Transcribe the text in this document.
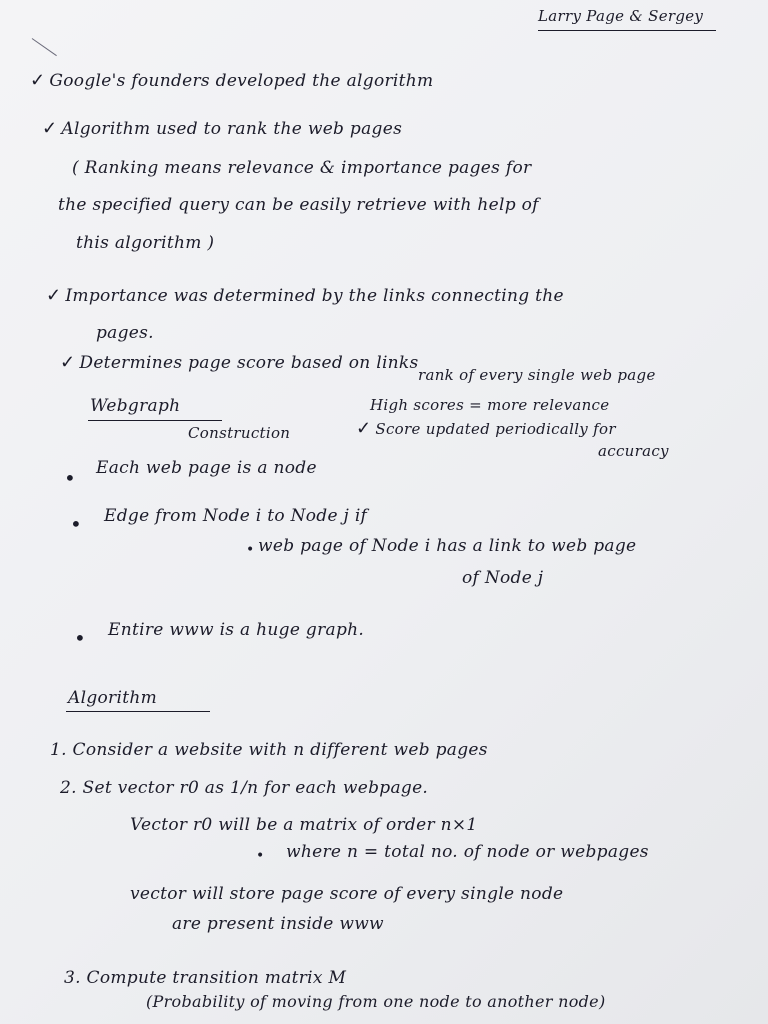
Larry Page & Sergey
✓ Google's founders developed the algorithm
✓ Algorithm used to rank the web pages
( Ranking means relevance & importance pages for
the specified query can be easily retrieve with help of
this algorithm )
✓ Importance was determined by the links connecting the
pages.
✓ Determines page score based on links
rank of every single web page
Webgraph
Construction
High scores = more relevance
✓ Score updated periodically for
accuracy
• Each web page is a node
• Edge from Node i to Node j if
• web page of Node i has a link to web page
of Node j
• Entire www is a huge graph.
Algorithm
1. Consider a website with n different web pages
2. Set vector r0 as 1/n for each webpage.
Vector r0 will be a matrix of order n×1
• where n = total no. of node or webpages
vector will store page score of every single node
are present inside www
3. Compute transition matrix M
(Probability of moving from one node to another node)
